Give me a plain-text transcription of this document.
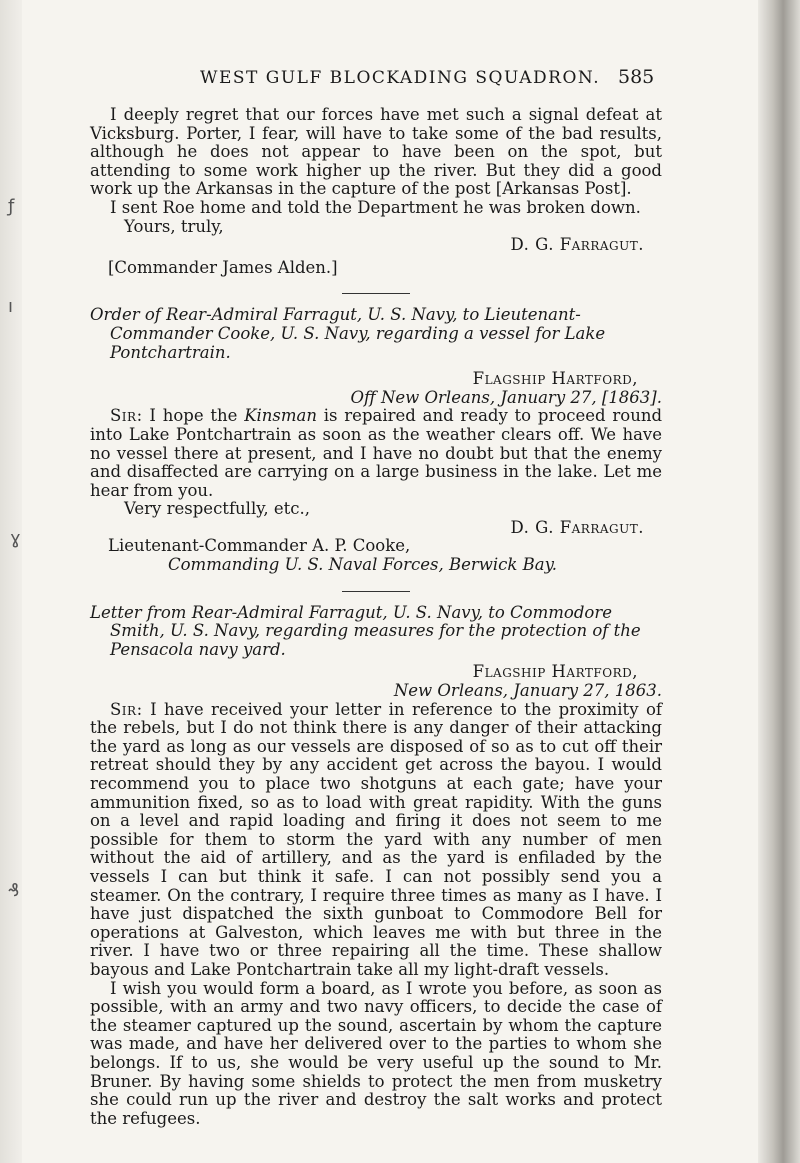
ƒ
ı
ɣ
₰
WEST GULF BLOCKADING SQUADRON. 585

I deeply regret that our forces have met such a signal defeat at Vicksburg. Porter, I fear, will have to take some of the bad results, although he does not appear to have been on the spot, but attending to some work higher up the river. But they did a good work up the Arkansas in the capture of the post [Arkansas Post].

I sent Roe home and told the Department he was broken down.

Yours, truly,

D. G. Farragut.

[Commander James Alden.]

Order of Rear-Admiral Farragut, U. S. Navy, to Lieutenant-Commander Cooke, U. S. Navy, regarding a vessel for Lake Pontchartrain.

Flagship Hartford,

Off New Orleans, January 27, [1863].

Sir: I hope the Kinsman is repaired and ready to proceed round into Lake Pontchartrain as soon as the weather clears off. We have no vessel there at present, and I have no doubt but that the enemy and disaffected are carrying on a large business in the lake. Let me hear from you.

Very respectfully, etc.,

D. G. Farragut.

Lieutenant-Commander A. P. Cooke,

Commanding U. S. Naval Forces, Berwick Bay.

Letter from Rear-Admiral Farragut, U. S. Navy, to Commodore Smith, U. S. Navy, regarding measures for the protection of the Pensacola navy yard.

Flagship Hartford,

New Orleans, January 27, 1863.

Sir: I have received your letter in reference to the proximity of the rebels, but I do not think there is any danger of their attacking the yard as long as our vessels are disposed of so as to cut off their retreat should they by any accident get across the bayou. I would recommend you to place two shotguns at each gate; have your ammunition fixed, so as to load with great rapidity. With the guns on a level and rapid loading and firing it does not seem to me possible for them to storm the yard with any number of men without the aid of artillery, and as the yard is enfiladed by the vessels I can but think it safe. I can not possibly send you a steamer. On the contrary, I require three times as many as I have. I have just dispatched the sixth gunboat to Commodore Bell for operations at Galveston, which leaves me with but three in the river. I have two or three repairing all the time. These shallow bayous and Lake Pontchartrain take all my light-draft vessels.

I wish you would form a board, as I wrote you before, as soon as possible, with an army and two navy officers, to decide the case of the steamer captured up the sound, ascertain by whom the capture was made, and have her delivered over to the parties to whom she belongs. If to us, she would be very useful up the sound to Mr. Bruner. By having some shields to protect the men from musketry she could run up the river and destroy the salt works and protect the refugees.
